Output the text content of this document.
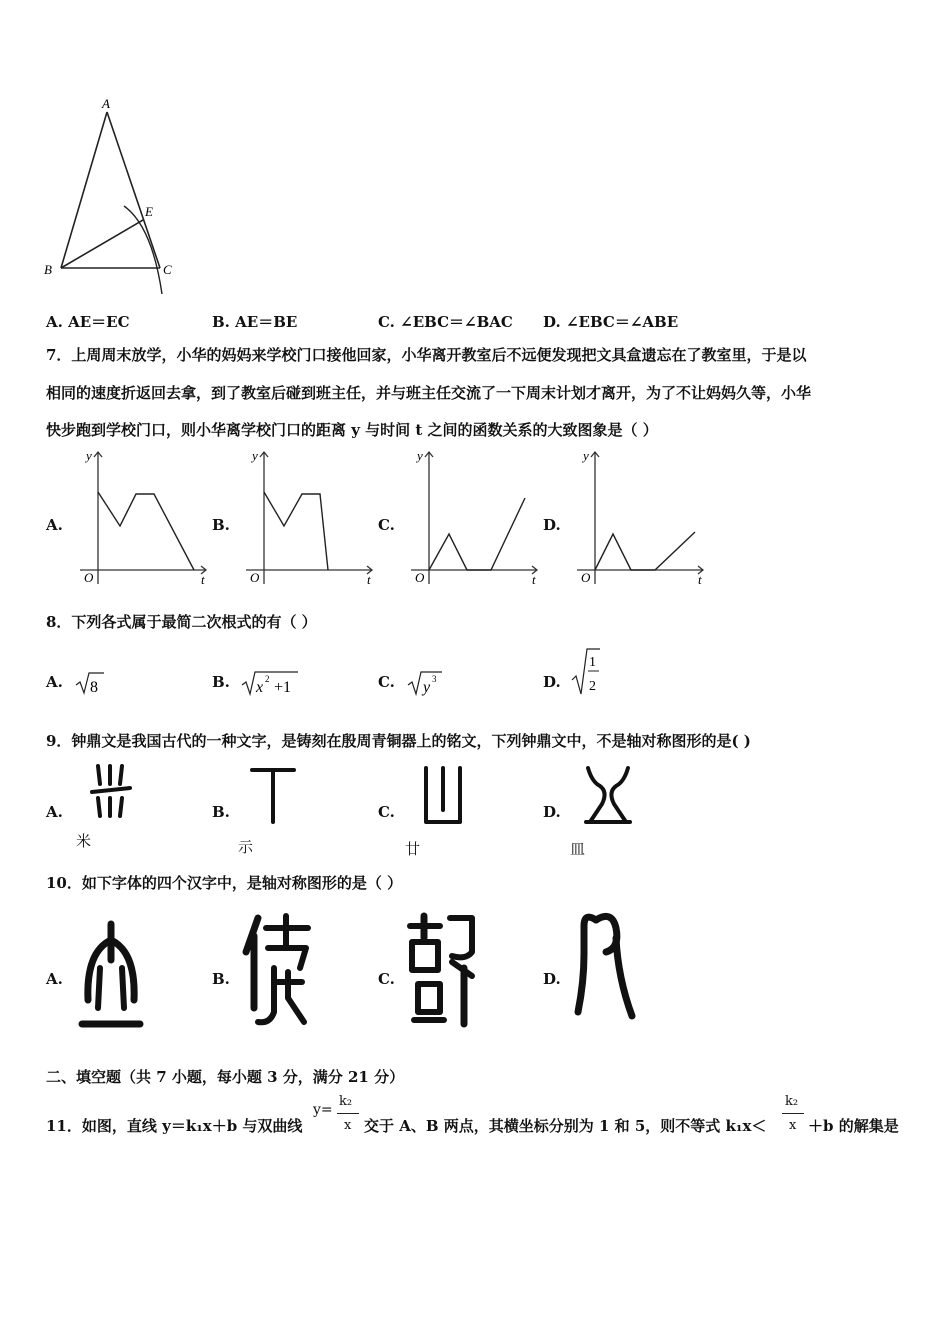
A
E
B	C
A. AE＝EC	B. AE＝BE	C. ∠EBC＝∠BAC D. ∠EBC＝∠ABE
7．上周周末放学，小华的妈妈来学校门口接他回家，小华离开教室后不远便发现把文具盒遗忘在了教室里，于是以
相同的速度折返回去拿，到了教室后碰到班主任，并与班主任交流了一下周末计划才离开，为了不让妈妈久等，小华
快步跑到学校门口，则小华离学校门口的距离 y 与时间 t 之间的函数关系的大致图象是（ ）
A.	B.	C.	D.
y
t
O
y
t
O
y
t
O
y
t
O
8．下列各式属于最简二次根式的有（ ）
A. 8	B. x 2 +1	C. y 3	D.
1
2
9．钟鼎文是我国古代的一种文字，是铸刻在殷周青铜器上的铭文，下列钟鼎文中，不是轴对称图形的是( )
A.
米
B.
示
C.
廿
D.
皿
10．如下字体的四个汉字中，是轴对称图形的是（ ）
A.	B.	C.	D.
二、填空题（共 7 小题，每小题 3 分，满分 21 分）
11．如图，直线 y＝k₁x＋b 与双曲线
y=
k₂
x 交于 A、B 两点，其横坐标分别为 1 和 5，则不等式 k₁x＜
k₂
x ＋b 的解集是
